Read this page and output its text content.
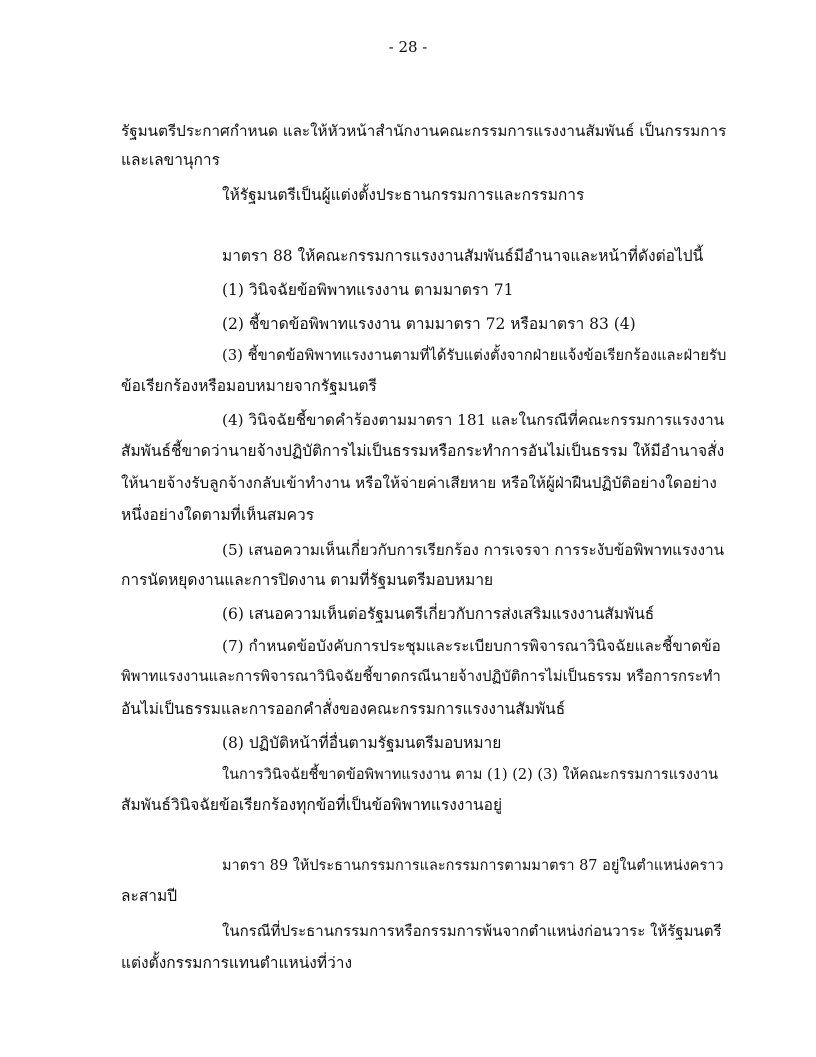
- 28 -
รัฐมนตรีประกาศกำหนด และให้หัวหน้าสำนักงานคณะกรรมการแรงงานสัมพันธ์ เป็นกรรมการ
และเลขานุการ
ให้รัฐมนตรีเป็นผู้แต่งตั้งประธานกรรมการและกรรมการ
มาตรา 88 ให้คณะกรรมการแรงงานสัมพันธ์มีอำนาจและหน้าที่ดังต่อไปนี้
(1) วินิจฉัยข้อพิพาทแรงงาน ตามมาตรา 71
(2) ชี้ขาดข้อพิพาทแรงงาน ตามมาตรา 72 หรือมาตรา 83 (4)
(3) ชี้ขาดข้อพิพาทแรงงานตามที่ได้รับแต่งตั้งจากฝ่ายแจ้งข้อเรียกร้องและฝ่ายรับ
ข้อเรียกร้องหรือมอบหมายจากรัฐมนตรี
(4) วินิจฉัยชี้ขาดคำร้องตามมาตรา 181 และในกรณีที่คณะกรรมการแรงงาน
สัมพันธ์ชี้ขาดว่านายจ้างปฏิบัติการไม่เป็นธรรมหรือกระทำการอันไม่เป็นธรรม ให้มีอำนาจสั่ง
ให้นายจ้างรับลูกจ้างกลับเข้าทำงาน หรือให้จ่ายค่าเสียหาย หรือให้ผู้ฝ่าฝืนปฏิบัติอย่างใดอย่าง
หนึ่งอย่างใดตามที่เห็นสมควร
(5) เสนอความเห็นเกี่ยวกับการเรียกร้อง การเจรจา การระงับข้อพิพาทแรงงาน
การนัดหยุดงานและการปิดงาน ตามที่รัฐมนตรีมอบหมาย
(6) เสนอความเห็นต่อรัฐมนตรีเกี่ยวกับการส่งเสริมแรงงานสัมพันธ์
(7) กำหนดข้อบังคับการประชุมและระเบียบการพิจารณาวินิจฉัยและชี้ขาดข้อ
พิพาทแรงงานและการพิจารณาวินิจฉัยชี้ขาดกรณีนายจ้างปฏิบัติการไม่เป็นธรรม หรือการกระทำ
อันไม่เป็นธรรมและการออกคำสั่งของคณะกรรมการแรงงานสัมพันธ์
(8) ปฏิบัติหน้าที่อื่นตามรัฐมนตรีมอบหมาย
ในการวินิจฉัยชี้ขาดข้อพิพาทแรงงาน ตาม (1) (2) (3) ให้คณะกรรมการแรงงาน
สัมพันธ์วินิจฉัยข้อเรียกร้องทุกข้อที่เป็นข้อพิพาทแรงงานอยู่
มาตรา 89 ให้ประธานกรรมการและกรรมการตามมาตรา 87 อยู่ในตำแหน่งคราว
ละสามปี
ในกรณีที่ประธานกรรมการหรือกรรมการพ้นจากตำแหน่งก่อนวาระ ให้รัฐมนตรี
แต่งตั้งกรรมการแทนตำแหน่งที่ว่าง
